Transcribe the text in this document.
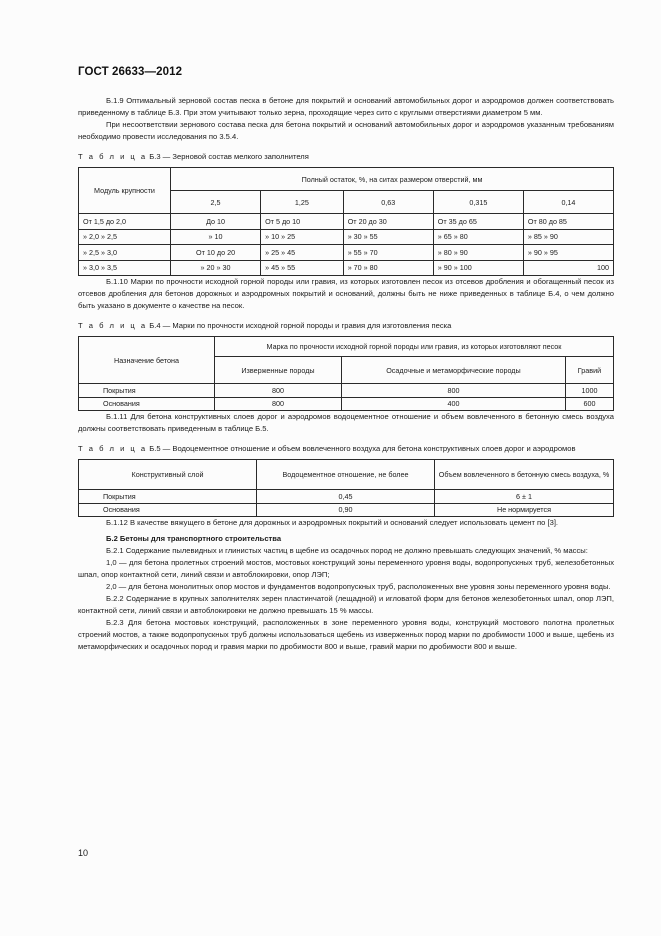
ГОСТ 26633—2012

Б.1.9 Оптимальный зерновой состав песка в бетоне для покрытий и оснований автомобильных дорог и аэродромов должен соответствовать приведенному в таблице Б.3. При этом учитывают только зерна, проходящие через сито с круглыми отверстиями диаметром 5 мм.

При несоответствии зернового состава песка для бетона покрытий и оснований автомобильных дорог и аэродромов указанным требованиям необходимо провести исследования по 3.5.4.

Т а б л и ц а Б.3 — Зерновой состав мелкого заполнителя
Модуль крупности	Полный остаток, %, на ситах размером отверстий, мм				
	2,5	1,25	0,63	0,315	0,14
От 1,5 до 2,0	До 10	От 5 до 10	От 20 до 30	От 35 до 65	От 80 до 85
» 2,0 » 2,5	» 10	» 10 » 25	» 30 » 55	» 65 » 80	» 85 » 90
» 2,5 » 3,0	От 10 до 20	» 25 » 45	» 55 » 70	» 80 » 90	» 90 » 95
» 3,0 » 3,5	» 20 » 30	» 45 » 55	» 70 » 80	» 90 » 100	100

Б.1.10 Марки по прочности исходной горной породы или гравия, из которых изготовлен песок из отсевов дробления и обогащенный песок из отсевов дробления для бетонов дорожных и аэродромных покрытий и оснований, должны быть не ниже приведенных в таблице Б.4, о чем должно быть указано в документе о качестве на песок.

Т а б л и ц а Б.4 — Марки по прочности исходной горной породы и гравия для изготовления песка
Назначение бетона	Марка по прочности исходной горной породы или гравия, из которых изготовляют песок		
	Изверженные породы	Осадочные и метаморфические породы	Гравий
Покрытия	800	800	1000
Основания	800	400	600

Б.1.11 Для бетона конструктивных слоев дорог и аэродромов водоцементное отношение и объем вовлеченного в бетонную смесь воздуха должны соответствовать приведенным в таблице Б.5.

Т а б л и ц а Б.5 — Водоцементное отношение и объем вовлеченного воздуха для бетона конструктивных слоев дорог и аэродромов
Конструктивный слой	Водоцементное отношение, не более	Объем вовлеченного в бетонную смесь воздуха, %
Покрытия	0,45	6 ± 1
Основания	0,90	Не нормируется

Б.1.12 В качестве вяжущего в бетоне для дорожных и аэродромных покрытий и оснований следует использовать цемент по [3].

Б.2 Бетоны для транспортного строительства

Б.2.1 Содержание пылевидных и глинистых частиц в щебне из осадочных пород не должно превышать следующих значений, % массы:

1,0 — для бетона пролетных строений мостов, мостовых конструкций зоны переменного уровня воды, водопропускных труб, железобетонных шпал, опор контактной сети, линий связи и автоблокировки, опор ЛЭП;

2,0 — для бетона монолитных опор мостов и фундаментов водопропускных труб, расположенных вне уровня зоны переменного уровня воды.

Б.2.2 Содержание в крупных заполнителях зерен пластинчатой (лещадной) и игловатой форм для бетонов железобетонных шпал, опор ЛЭП, контактной сети, линий связи и автоблокировки не должно превышать 15 % массы.

Б.2.3 Для бетона мостовых конструкций, расположенных в зоне переменного уровня воды, конструкций мостового полотна пролетных строений мостов, а также водопропускных труб должны использоваться щебень из изверженных пород марки по дробимости 1000 и выше, щебень из метаморфических и осадочных пород и гравия марки по дробимости 800 и выше, гравий марки по дробимости 800 и выше.

10
